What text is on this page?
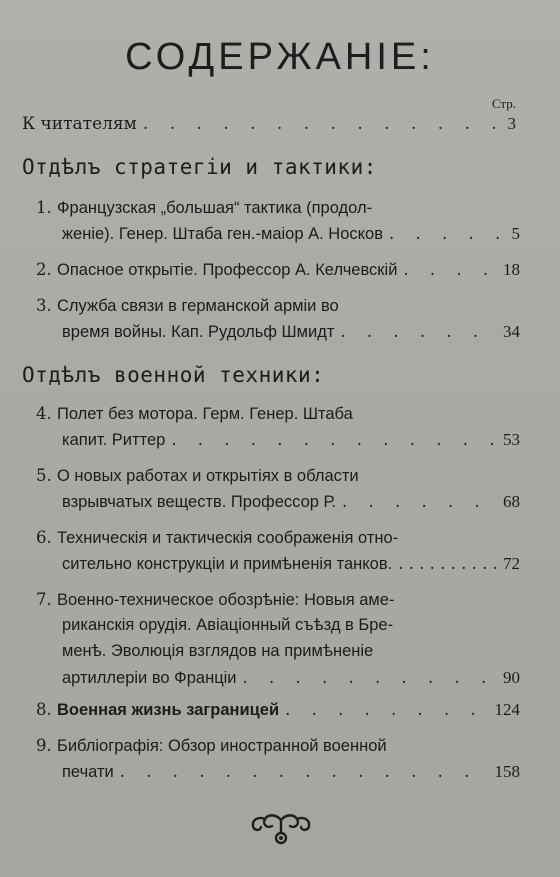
СОДЕРЖАНІЕ:
Стр.
К читателям . . .	3
Отдѣлъ стратегіи и тактики:
1. Французская „большая“ тактика (продол-
женіе). Генер. Штаба ген.-маіор А. Носков . . .	5
2. Опасное открытіе. Профессор А. Келчевскій . . .	18
3. Служба связи в германской арміи во
время войны. Кап. Рудольф Шмидт . . .	34
Отдѣлъ военной техники:
4. Полет без мотора. Герм. Генер. Штаба
капит. Риттер . . .	53
5. О новых работах и открытіях в области
взрывчатых веществ. Профессор Р. . . .	68
6. Техническія и тактическія соображенія отно-
сительно конструкціи и примѣненія танков. . . .	72
7. Военно-техническое обозрѣніе: Новыя аме-
риканскія орудія. Авіаціонный съѣзд в Бре-
менѣ. Эволюція взглядов на примѣненіе
артиллеріи во Франціи . . .	90
8. Военная жизнь заграницей . . .	124
9. Библіографія: Обзор иностранной военной
печати . . .	158
